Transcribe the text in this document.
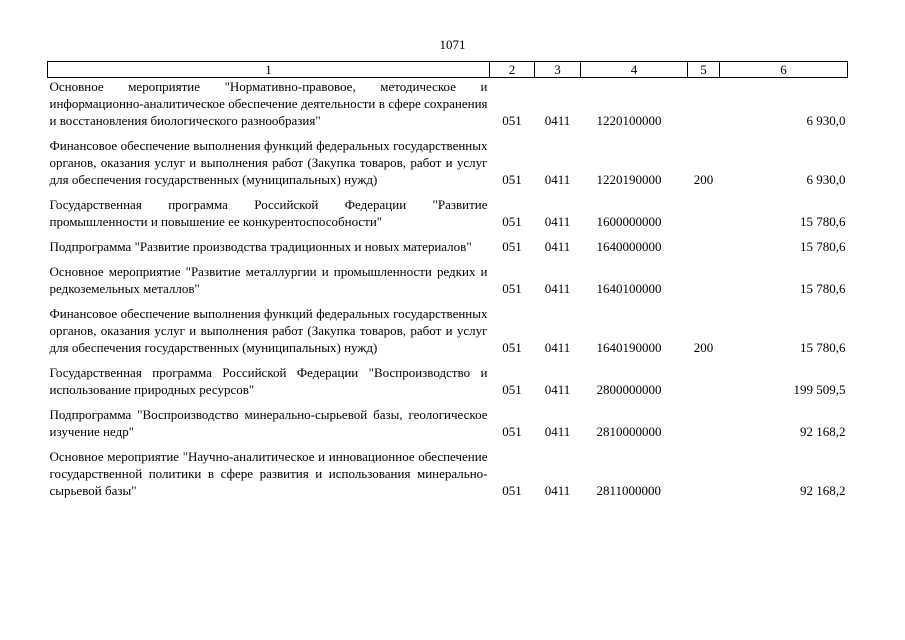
1071
1	2	3	4	5	6
Основное мероприятие "Нормативно-правовое, методическое и информационно-аналитическое обеспечение деятельности в сфере сохранения и восстановления биологического разнообразия"	051	0411	1220100000		6 930,0
Финансовое обеспечение выполнения функций федеральных государственных органов, оказания услуг и выполнения работ (Закупка товаров, работ и услуг для обеспечения государственных (муниципальных) нужд)	051	0411	1220190000	200	6 930,0
Государственная программа Российской Федерации "Развитие промышленности и повышение ее конкурентоспособности"	051	0411	1600000000		15 780,6
Подпрограмма "Развитие производства традиционных и новых материалов"	051	0411	1640000000		15 780,6
Основное мероприятие "Развитие металлургии и промышленности редких и редкоземельных металлов"	051	0411	1640100000		15 780,6
Финансовое обеспечение выполнения функций федеральных государственных органов, оказания услуг и выполнения работ (Закупка товаров, работ и услуг для обеспечения государственных (муниципальных) нужд)	051	0411	1640190000	200	15 780,6
Государственная программа Российской Федерации "Воспроизводство и использование природных ресурсов"	051	0411	2800000000		199 509,5
Подпрограмма "Воспроизводство минерально-сырьевой базы, геологическое изучение недр"	051	0411	2810000000		92 168,2
Основное мероприятие "Научно-аналитическое и инновационное обеспечение государственной политики в сфере развития и использования минерально-сырьевой базы"	051	0411	2811000000		92 168,2
